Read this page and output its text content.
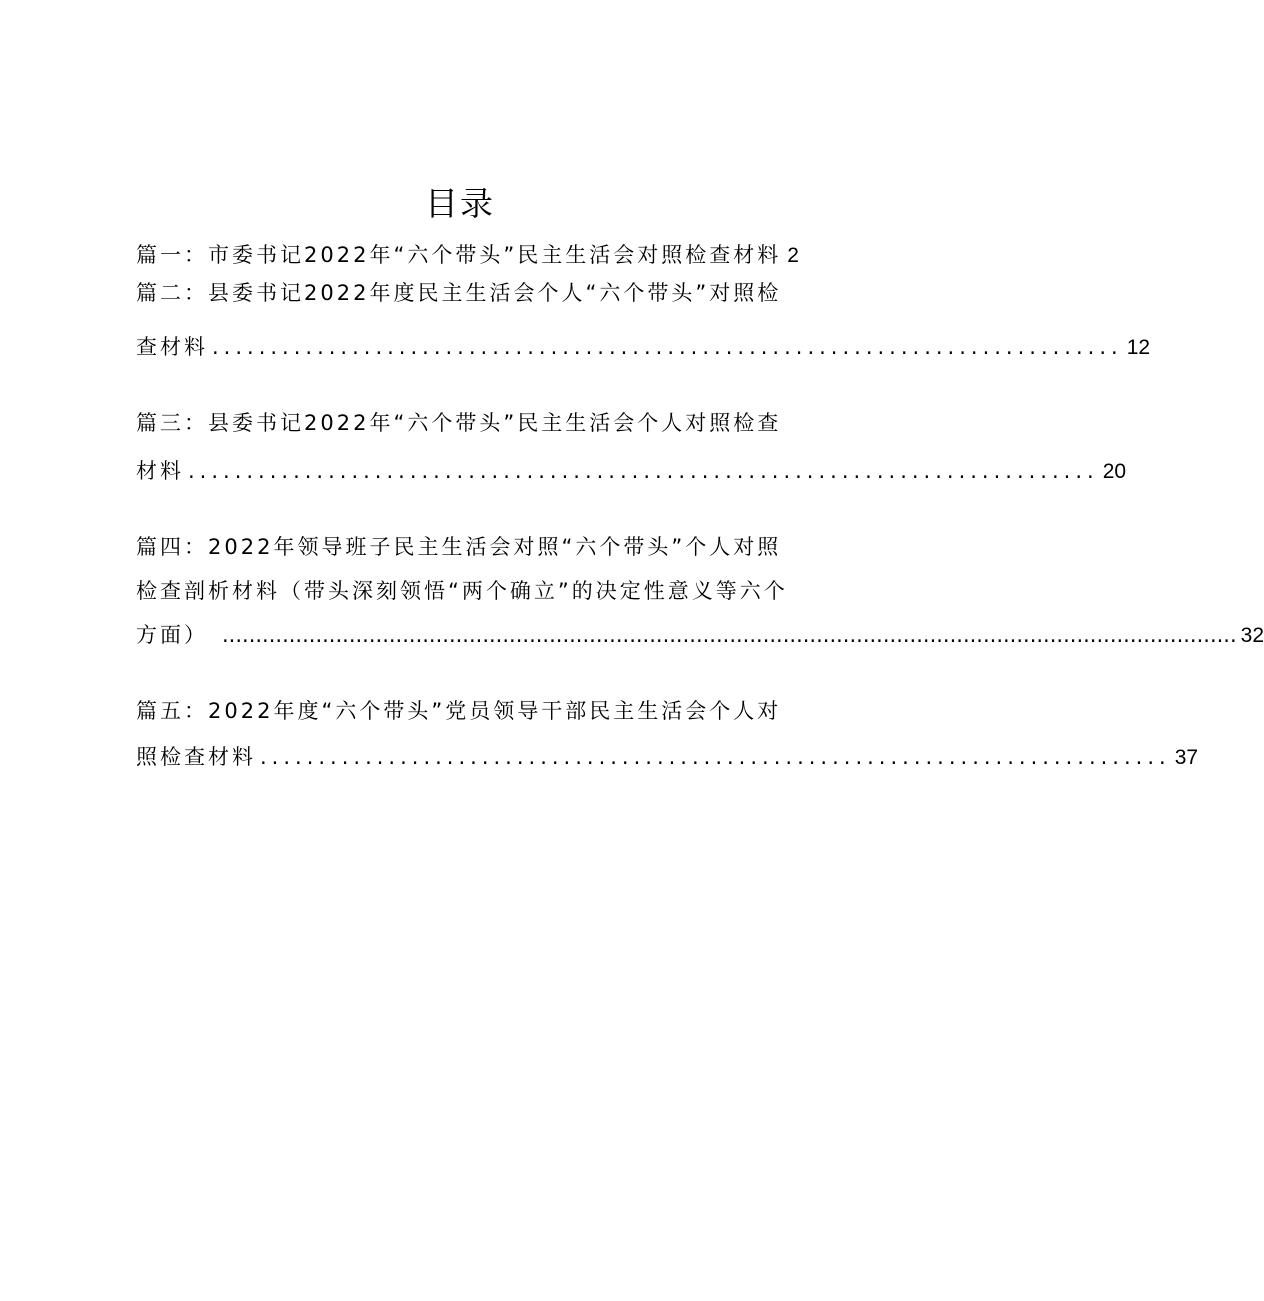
目录
篇一：市委书记2022年“六个带头”民主生活会对照检查材料 2
篇二：县委书记2022年度民主生活会个人“六个带头”对照检
查材料 .............................................................................. 12
篇三：县委书记2022年“六个带头”民主生活会个人对照检查
材料 .............................................................................. 20
篇四：2022年领导班子民主生活会对照“六个带头”个人对照
检查剖析材料（带头深刻领悟“两个确立”的决定性意义等六个
方面） ........................................................................................................................................................ 32
篇五：2022年度“六个带头”党员领导干部民主生活会个人对
照检查材料 .............................................................................. 37
